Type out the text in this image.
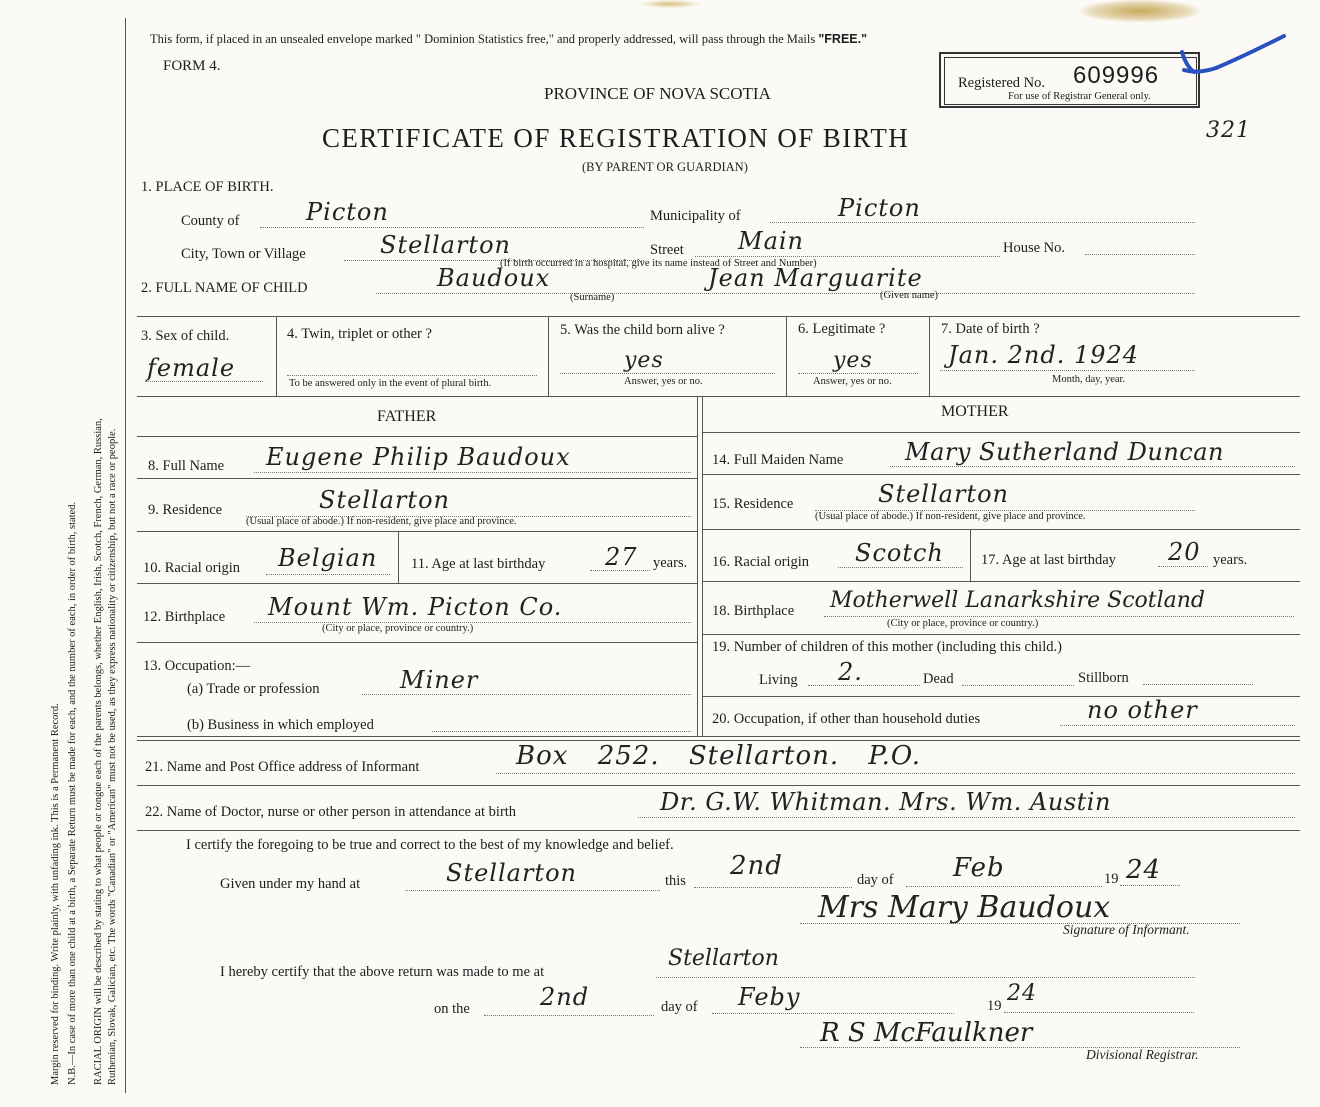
Margin reserved for binding. Write plainly, with unfading ink. This is a Permanent Record. N.B.—In case of more than one child at a birth, a Separate Return must be made for each, and the number of each, in order of birth, stated. RACIAL ORIGIN will be described by stating to what people or tongue each of the parents belongs, whether English, Irish, Scotch, French, German, Russian, Ruthenian, Slovak, Galician, etc. The words "Canadian" or "American" must not be used, as they express nationality or citizenship, but not a race or people.
This form, if placed in an unsealed envelope marked " Dominion Statistics free," and properly addressed, will pass through the Mails "FREE."
FORM 4.
PROVINCE OF NOVA SCOTIA
CERTIFICATE OF REGISTRATION OF BIRTH
(BY PARENT OR GUARDIAN)
Registered No. 609996
For use of Registrar General only.
321
1. PLACE OF BIRTH.
County of	Picton	Municipality of	Picton
City, Town or Village	Stellarton	Street Main	House No.
(If birth occurred in a hospital, give its name instead of Street and Number)
2. FULL NAME OF CHILD	Baudoux	Jean Marguarite
(Surname)	(Given name)
3. Sex of child.
female
4. Twin, triplet or other ?
To be answered only in the event of plural birth.
5. Was the child born alive ?
yes
Answer, yes or no.
6. Legitimate ?
yes
Answer, yes or no.
7. Date of birth ?
Jan. 2nd. 1924
Month, day, year.
FATHER	MOTHER
8. Full Name Eugene Philip Baudoux
9. Residence	Stellarton
(Usual place of abode.) If non-resident, give place and province.
10. Racial origin Belgian 11. Age at last birthday 27 years.
12. Birthplace Mount Wm. Picton Co.
(City or place, province or country.)
13. Occupation:—
(a) Trade or profession	Miner
(b) Business in which employed
14. Full Maiden Name	Mary Sutherland Duncan
15. Residence	Stellarton
(Usual place of abode.) If non-resident, give place and province.
16. Racial origin Scotch	17. Age at last birthday 20 years.
18. Birthplace Motherwell Lanarkshire Scotland
(City or place, province or country.)
19. Number of children of this mother (including this child.)
Living 2.	Dead	Stillborn
20. Occupation, if other than household duties	no other
21. Name and Post Office address of Informant	Box 252. Stellarton. P.O.
22. Name of Doctor, nurse or other person in attendance at birth	Dr. G.W. Whitman. Mrs. Wm. Austin
I certify the foregoing to be true and correct to the best of my knowledge and belief.
Given under my hand at	Stellarton	this 2nd	day of Feb	19 24
Mrs Mary Baudoux
Signature of Informant.
I hereby certify that the above return was made to me at
Stellarton
on the	2nd	day of Feby	19 24
R S McFaulkner
Divisional Registrar.
